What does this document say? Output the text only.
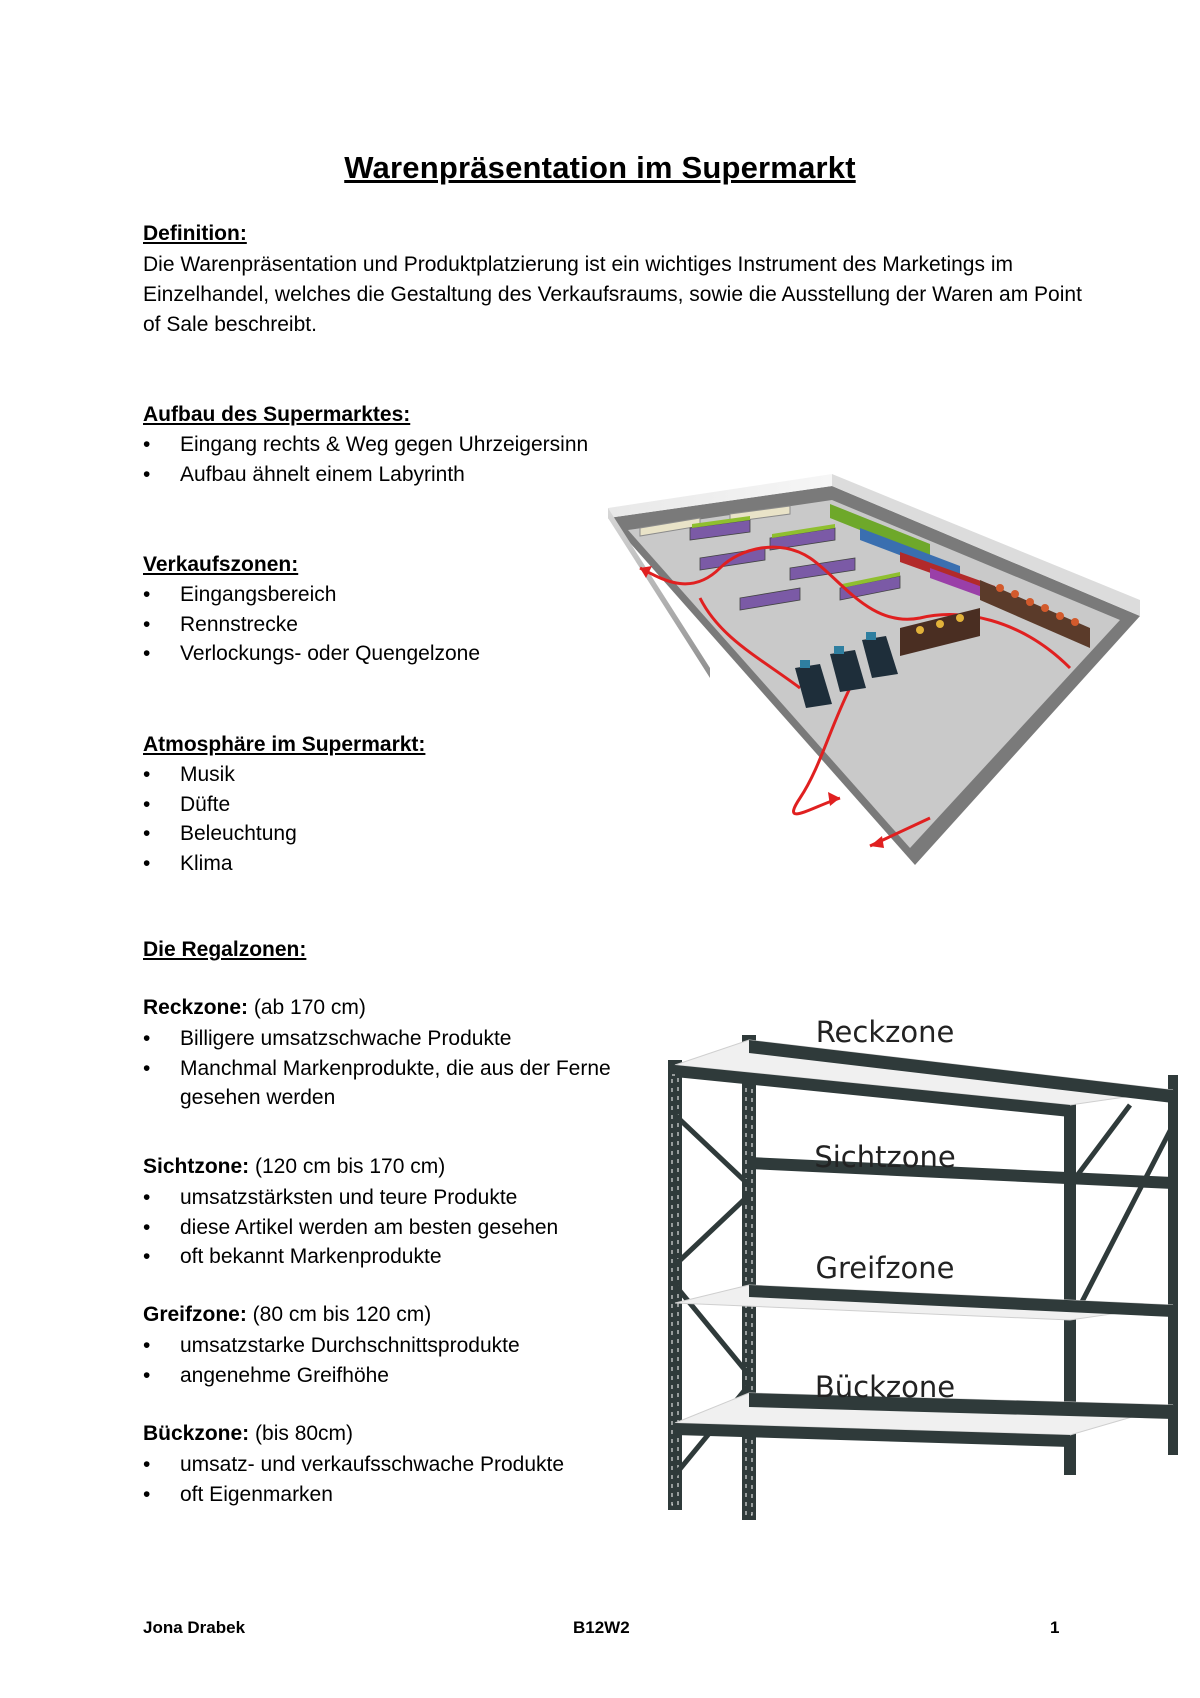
Warenpräsentation im Supermarkt

Definition:

Die Warenpräsentation und Produktplatzierung ist ein wichtiges Instrument des Marketings im Einzelhandel, welches die Gestaltung des Verkaufsraums, sowie die Ausstellung der Waren am Point of Sale beschreibt.

Aufbau des Supermarktes:

• Eingang rechts & Weg gegen Uhrzeigersinn
• Aufbau ähnelt einem Labyrinth

Verkaufszonen:

• Eingangsbereich
• Rennstrecke
• Verlockungs- oder Quengelzone

Atmosphäre im Supermarkt:

• Musik
• Düfte
• Beleuchtung
• Klima

Die Regalzonen:

Reckzone: (ab 170 cm)

• Billigere umsatzschwache Produkte
• Manchmal Markenprodukte, die aus der Ferne gesehen werden

Sichtzone: (120 cm bis 170 cm)

• umsatzstärksten und teure Produkte
• diese Artikel werden am besten gesehen
• oft bekannt Markenprodukte

Greifzone: (80 cm bis 120 cm)

• umsatzstarke Durchschnittsprodukte
• angenehme Greifhöhe

Bückzone: (bis 80cm)

• umsatz- und verkaufsschwache Produkte
• oft Eigenmarken
Reckzone
Sichtzone
Greifzone
Bückzone
Jona Drabek	B12W2	1
